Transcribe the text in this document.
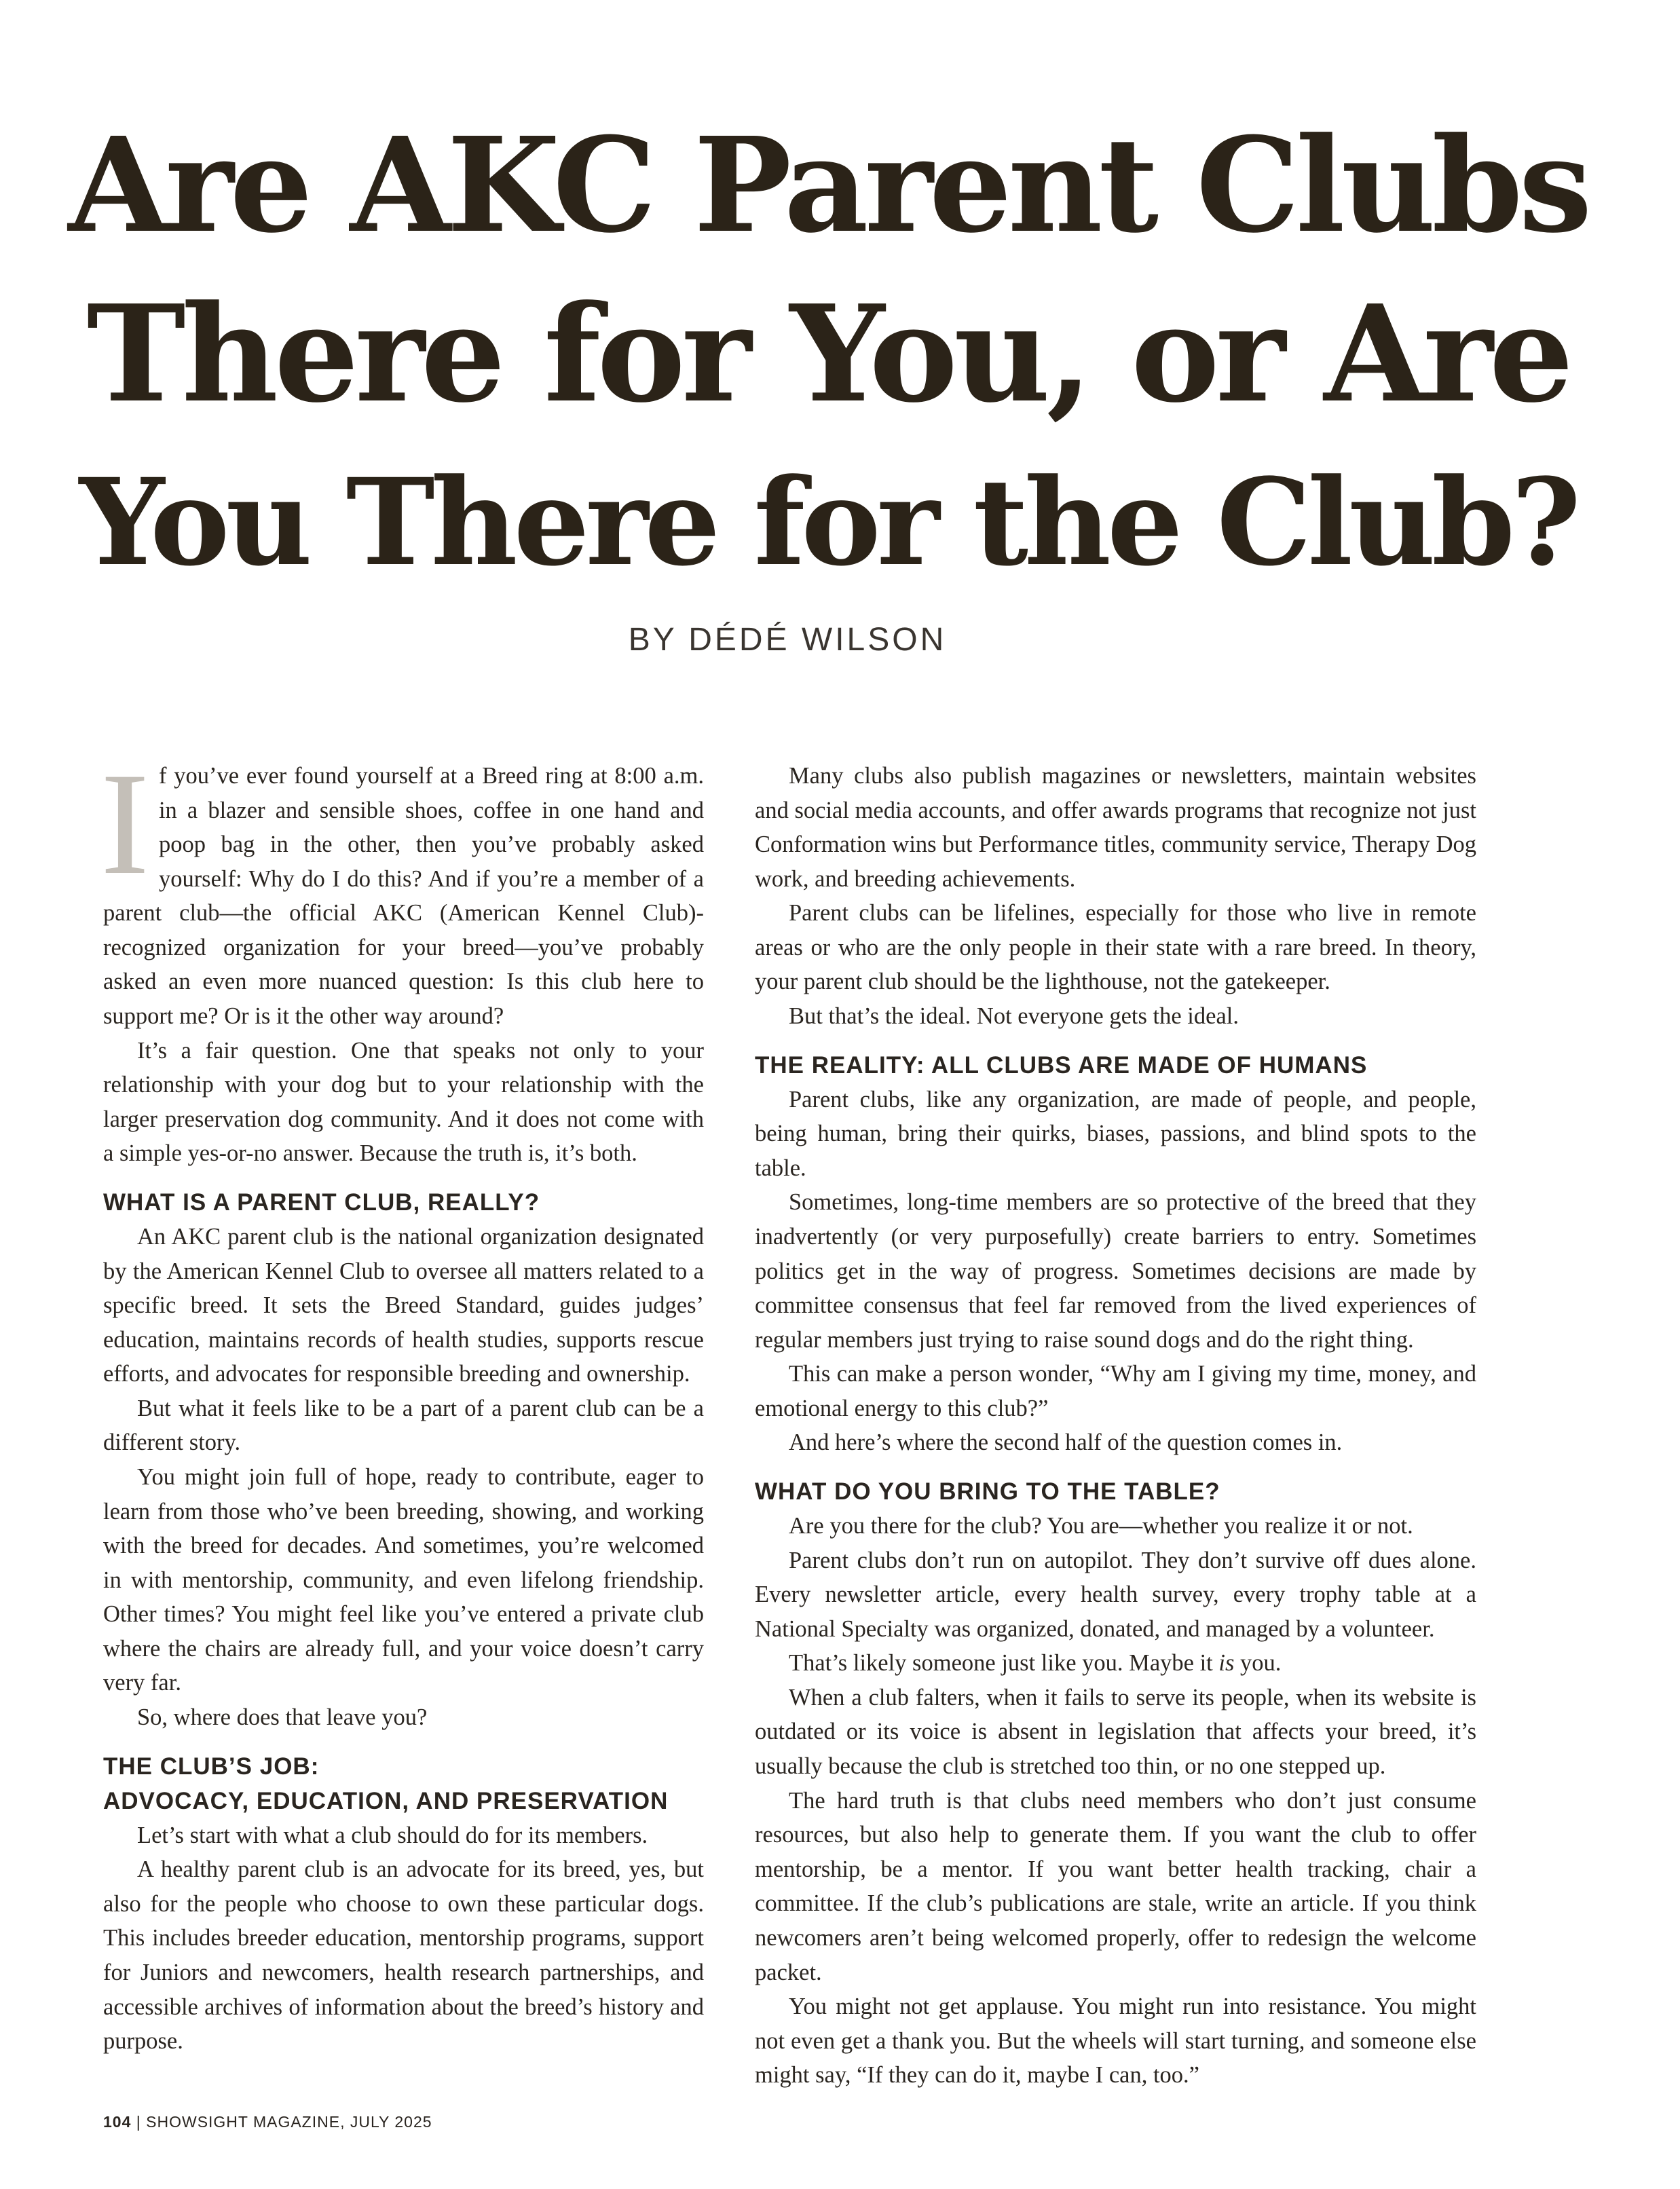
Are AKC Parent Clubs
There for You, or Are
You There for the Club?
BY DÉDÉ WILSON

If you’ve ever found yourself at a Breed ring at 8:00 a.m. in a blazer and sensible shoes, coffee in one hand and poop bag in the other, then you’ve probably asked yourself: Why do I do this? And if you’re a member of a parent club—the official AKC (American Kennel Club)-recognized organization for your breed—you’ve probably asked an even more nuanced question: Is this club here to support me? Or is it the other way around?

It’s a fair question. One that speaks not only to your relationship with your dog but to your relationship with the larger preservation dog community. And it does not come with a simple yes-or-no answer. Because the truth is, it’s both.

WHAT IS A PARENT CLUB, REALLY?

An AKC parent club is the national organization designated by the American Kennel Club to oversee all matters related to a specific breed. It sets the Breed Standard, guides judges’ education, maintains records of health studies, supports rescue efforts, and advocates for responsible breeding and ownership.

But what it feels like to be a part of a parent club can be a different story.

You might join full of hope, ready to contribute, eager to learn from those who’ve been breeding, showing, and working with the breed for decades. And sometimes, you’re welcomed in with mentorship, community, and even lifelong friendship. Other times? You might feel like you’ve entered a private club where the chairs are already full, and your voice doesn’t carry very far.

So, where does that leave you?

THE CLUB’S JOB:
ADVOCACY, EDUCATION, AND PRESERVATION

Let’s start with what a club should do for its members.

A healthy parent club is an advocate for its breed, yes, but also for the people who choose to own these particular dogs. This includes breeder education, mentorship programs, support for Juniors and newcomers, health research partnerships, and accessible archives of information about the breed’s history and purpose.

Many clubs also publish magazines or newsletters, maintain websites and social media accounts, and offer awards programs that recognize not just Conformation wins but Performance titles, community service, Therapy Dog work, and breeding achievements.

Parent clubs can be lifelines, especially for those who live in remote areas or who are the only people in their state with a rare breed. In theory, your parent club should be the lighthouse, not the gatekeeper.

But that’s the ideal. Not everyone gets the ideal.

THE REALITY: ALL CLUBS ARE MADE OF HUMANS

Parent clubs, like any organization, are made of people, and people, being human, bring their quirks, biases, passions, and blind spots to the table.

Sometimes, long-time members are so protective of the breed that they inadvertently (or very purposefully) create barriers to entry. Sometimes politics get in the way of progress. Sometimes decisions are made by committee consensus that feel far removed from the lived experiences of regular members just trying to raise sound dogs and do the right thing.

This can make a person wonder, “Why am I giving my time, money, and emotional energy to this club?”

And here’s where the second half of the question comes in.

WHAT DO YOU BRING TO THE TABLE?

Are you there for the club? You are—whether you realize it or not.

Parent clubs don’t run on autopilot. They don’t survive off dues alone. Every newsletter article, every health survey, every trophy table at a National Specialty was organized, donated, and managed by a volunteer.

That’s likely someone just like you. Maybe it is you.

When a club falters, when it fails to serve its people, when its website is outdated or its voice is absent in legislation that affects your breed, it’s usually because the club is stretched too thin, or no one stepped up.

The hard truth is that clubs need members who don’t just consume resources, but also help to generate them. If you want the club to offer mentorship, be a mentor. If you want better health tracking, chair a committee. If the club’s publications are stale, write an article. If you think newcomers aren’t being welcomed properly, offer to redesign the welcome packet.

You might not get applause. You might run into resistance. You might not even get a thank you. But the wheels will start turning, and someone else might say, “If they can do it, maybe I can, too.”

104 | SHOWSIGHT MAGAZINE, JULY 2025
